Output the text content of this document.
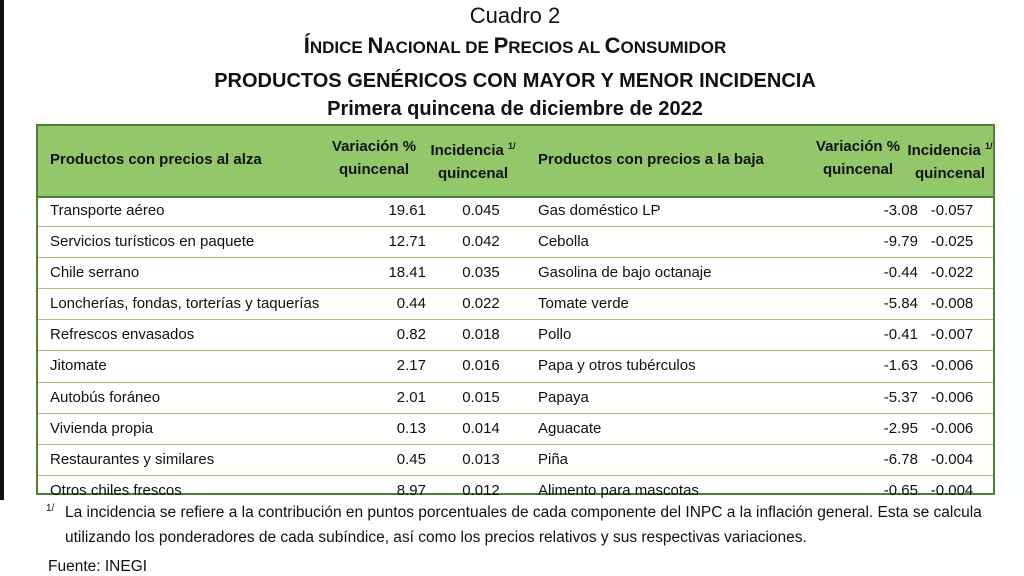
Cuadro 2
ÍNDICE NACIONAL DE PRECIOS AL CONSUMIDOR
PRODUCTOS GENÉRICOS CON MAYOR Y MENOR INCIDENCIA
Primera quincena de diciembre de 2022
Productos con precios al alza
Variación %
quincenal
Incidencia $^{1/}$
quincenal
Productos con precios a la baja
Variación %
quincenal
Incidencia $^{1/}$
quincenal
Transporte aéreo	19.61	0.045	Gas doméstico LP	-3.08 -0.057
Servicios turísticos en paquete	12.71	0.042	Cebolla	-9.79 -0.025
Chile serrano	18.41	0.035	Gasolina de bajo octanaje	-0.44 -0.022
Loncherías, fondas, torterías y taquerías	0.44	0.022	Tomate verde	-5.84 -0.008
Refrescos envasados	0.82	0.018	Pollo	-0.41 -0.007
Jitomate	2.17	0.016	Papa y otros tubérculos	-1.63 -0.006
Autobús foráneo	2.01	0.015	Papaya	-5.37 -0.006
Vivienda propia	0.13	0.014	Aguacate	-2.95 -0.006
Restaurantes y similares	0.45	0.013	Piña	-6.78 -0.004
Otros chiles frescos	8.97	0.012	Alimento para mascotas	-0.65 -0.004
1/ La incidencia se refiere a la contribución en puntos porcentuales de cada componente del INPC a la inflación general. Esta se calcula utilizando los ponderadores de cada subíndice, así como los precios relativos y sus respectivas variaciones.
Fuente: INEGI
